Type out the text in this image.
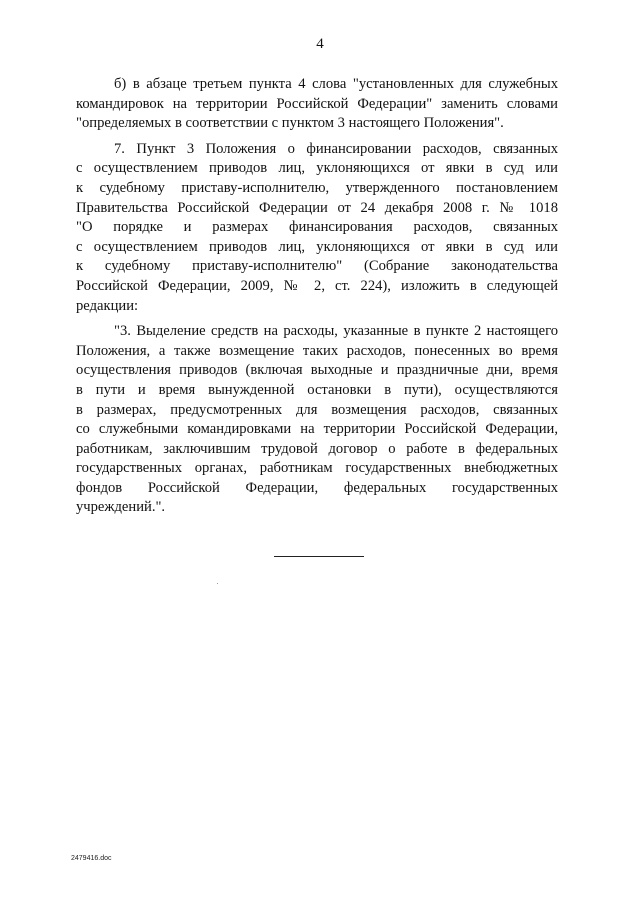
4
б) в абзаце третьем пункта 4 слова "установленных для служебных
командировок на территории Российской Федерации" заменить словами
"определяемых в соответствии с пунктом 3 настоящего Положения".
7. Пункт 3 Положения о финансировании расходов, связанных
с осуществлением приводов лиц, уклоняющихся от явки в суд или
к судебному приставу-исполнителю, утвержденного постановлением
Правительства Российской Федерации от 24 декабря 2008 г. № 1018
"О порядке и размерах финансирования расходов, связанных
с осуществлением приводов лиц, уклоняющихся от явки в суд или
к судебному приставу-исполнителю" (Собрание законодательства
Российской Федерации, 2009, № 2, ст. 224), изложить в следующей
редакции:
"3. Выделение средств на расходы, указанные в пункте 2 настоящего
Положения, а также возмещение таких расходов, понесенных во время
осуществления приводов (включая выходные и праздничные дни, время
в пути и время вынужденной остановки в пути), осуществляются
в размерах, предусмотренных для возмещения расходов, связанных
со служебными командировками на территории Российской Федерации,
работникам, заключившим трудовой договор о работе в федеральных
государственных органах, работникам государственных внебюджетных
фондов Российской Федерации, федеральных государственных
учреждений.".
2479416.doc
